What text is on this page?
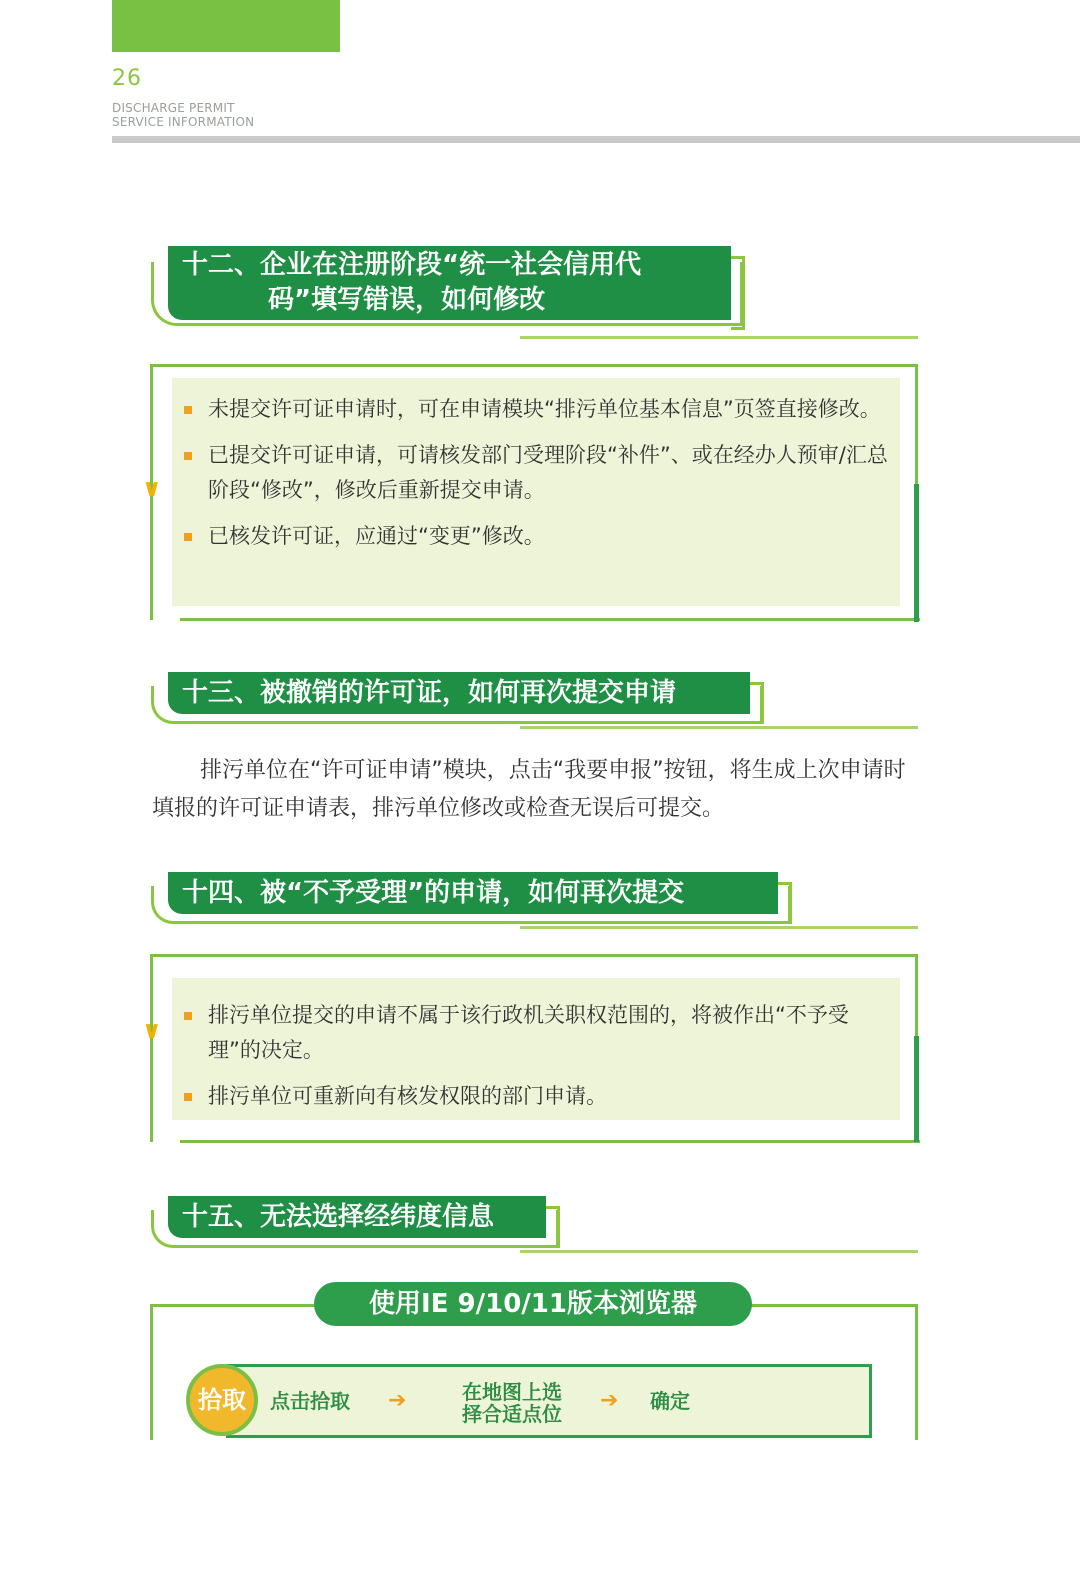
26
DISCHARGE PERMIT
SERVICE INFORMATION
十二、企业在注册阶段“统一社会信用代
码”填写错误，如何修改
未提交许可证申请时，可在申请模块“排污单位基本信息”页签直接修改。
已提交许可证申请，可请核发部门受理阶段“补件”、或在经办人预审/汇总阶段“修改”，修改后重新提交申请。
已核发许可证，应通过“变更”修改。
∨
十三、被撤销的许可证，如何再次提交申请
排污单位在“许可证申请”模块，点击“我要申报”按钮，将生成上次申请时填报的许可证申请表，排污单位修改或检查无误后可提交。
十四、被“不予受理”的申请，如何再次提交
排污单位提交的申请不属于该行政机关职权范围的，将被作出“不予受理”的决定。
排污单位可重新向有核发权限的部门申请。
∨
十五、无法选择经纬度信息
使用IE 9/10/11版本浏览器
拾取	点击拾取 ➔	在地图上选
择合适点位
➔ 确定
